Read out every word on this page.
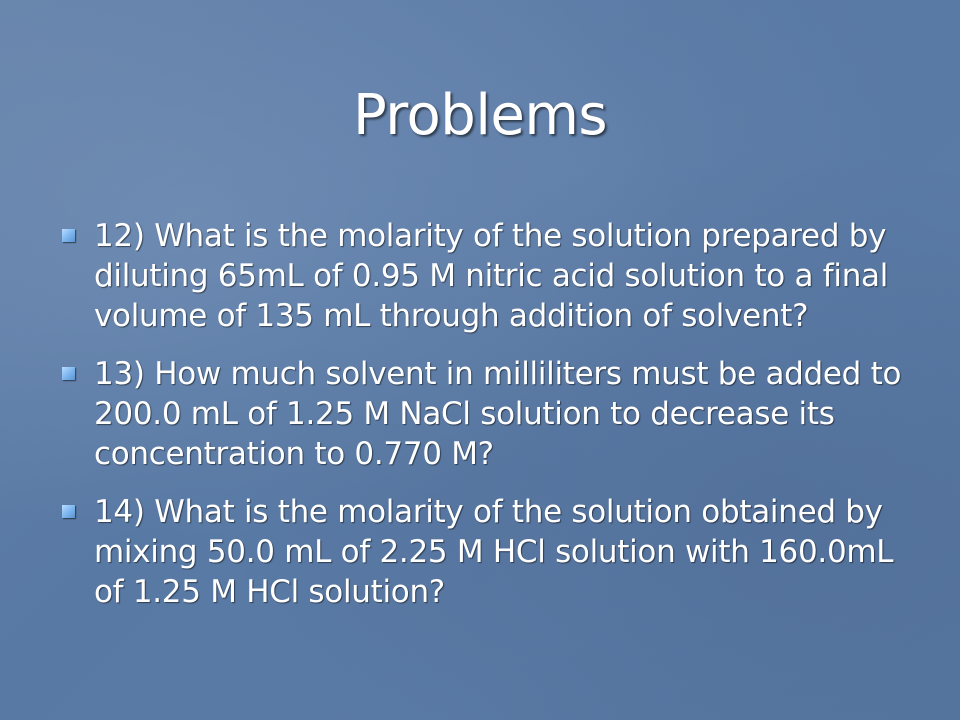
Problems
12) What is the molarity of the solution prepared by diluting 65mL of 0.95 M nitric acid solution to a final volume of 135 mL through addition of solvent?
13) How much solvent in milliliters must be added to 200.0 mL of 1.25 M NaCl solution to decrease its concentration to 0.770 M?
14) What is the molarity of the solution obtained by mixing 50.0 mL of 2.25 M HCl solution with 160.0mL of 1.25 M HCl solution?
